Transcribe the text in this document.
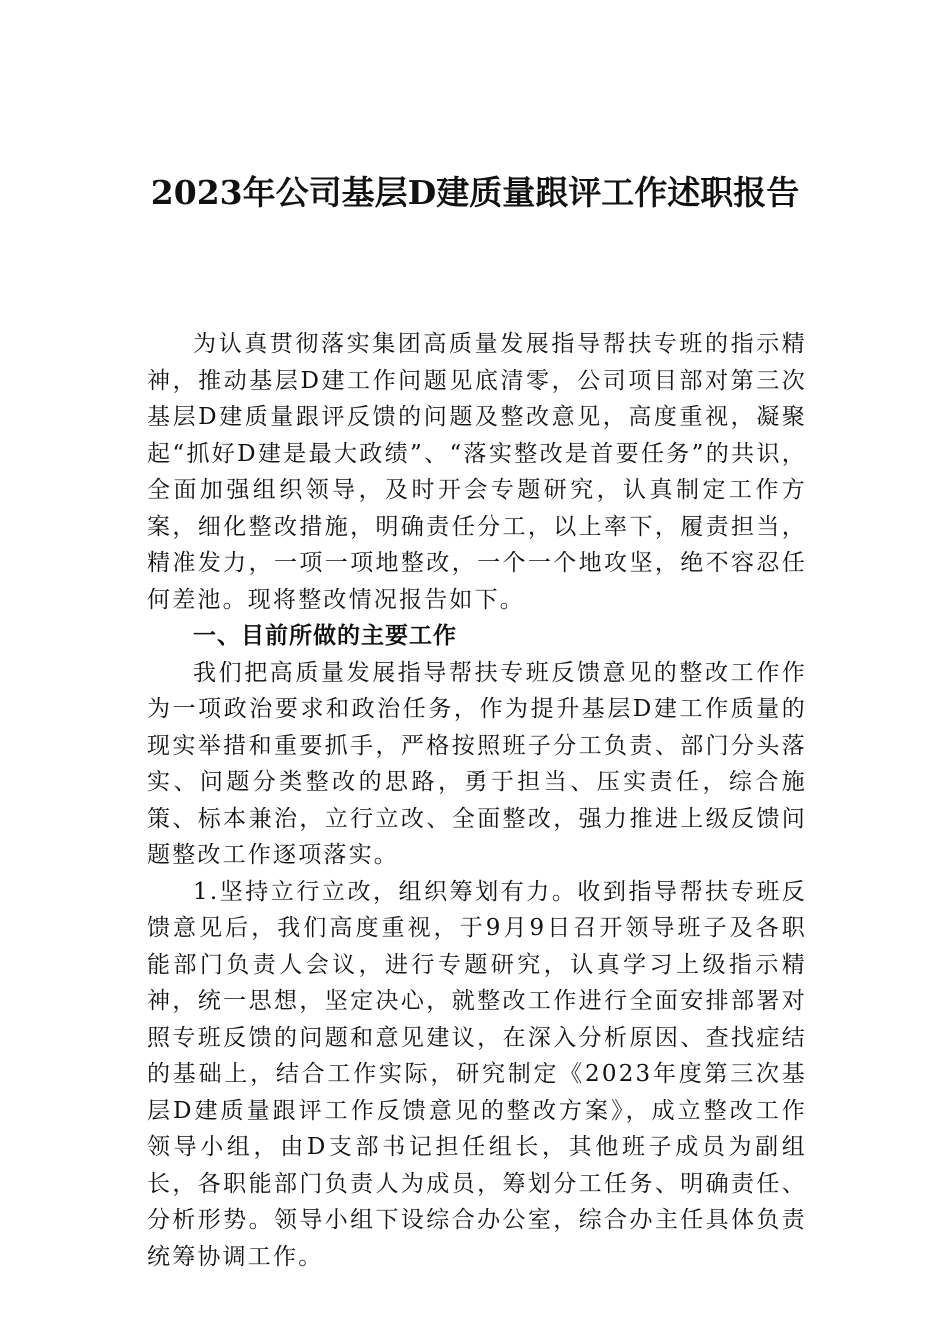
2023年公司基层D建质量跟评工作述职报告

为认真贯彻落实集团高质量发展指导帮扶专班的指示精神，推动基层D建工作问题见底清零，公司项目部对第三次基层D建质量跟评反馈的问题及整改意见，高度重视，凝聚起“抓好D建是最大政绩”、“落实整改是首要任务”的共识，全面加强组织领导，及时开会专题研究，认真制定工作方案，细化整改措施，明确责任分工，以上率下，履责担当，精准发力，一项一项地整改，一个一个地攻坚，绝不容忍任何差池。现将整改情况报告如下。

一、目前所做的主要工作

我们把高质量发展指导帮扶专班反馈意见的整改工作作为一项政治要求和政治任务，作为提升基层D建工作质量的现实举措和重要抓手，严格按照班子分工负责、部门分头落实、问题分类整改的思路，勇于担当、压实责任，综合施策、标本兼治，立行立改、全面整改，强力推进上级反馈问题整改工作逐项落实。

1.坚持立行立改，组织筹划有力。收到指导帮扶专班反馈意见后，我们高度重视，于9月9日召开领导班子及各职能部门负责人会议，进行专题研究，认真学习上级指示精神，统一思想，坚定决心，就整改工作进行全面安排部署对照专班反馈的问题和意见建议，在深入分析原因、查找症结的基础上，结合工作实际，研究制定《2023年度第三次基层D建质量跟评工作反馈意见的整改方案》，成立整改工作领导小组，由D支部书记担任组长，其他班子成员为副组长，各职能部门负责人为成员，筹划分工任务、明确责任、分析形势。领导小组下设综合办公室，综合办主任具体负责统筹协调工作。
